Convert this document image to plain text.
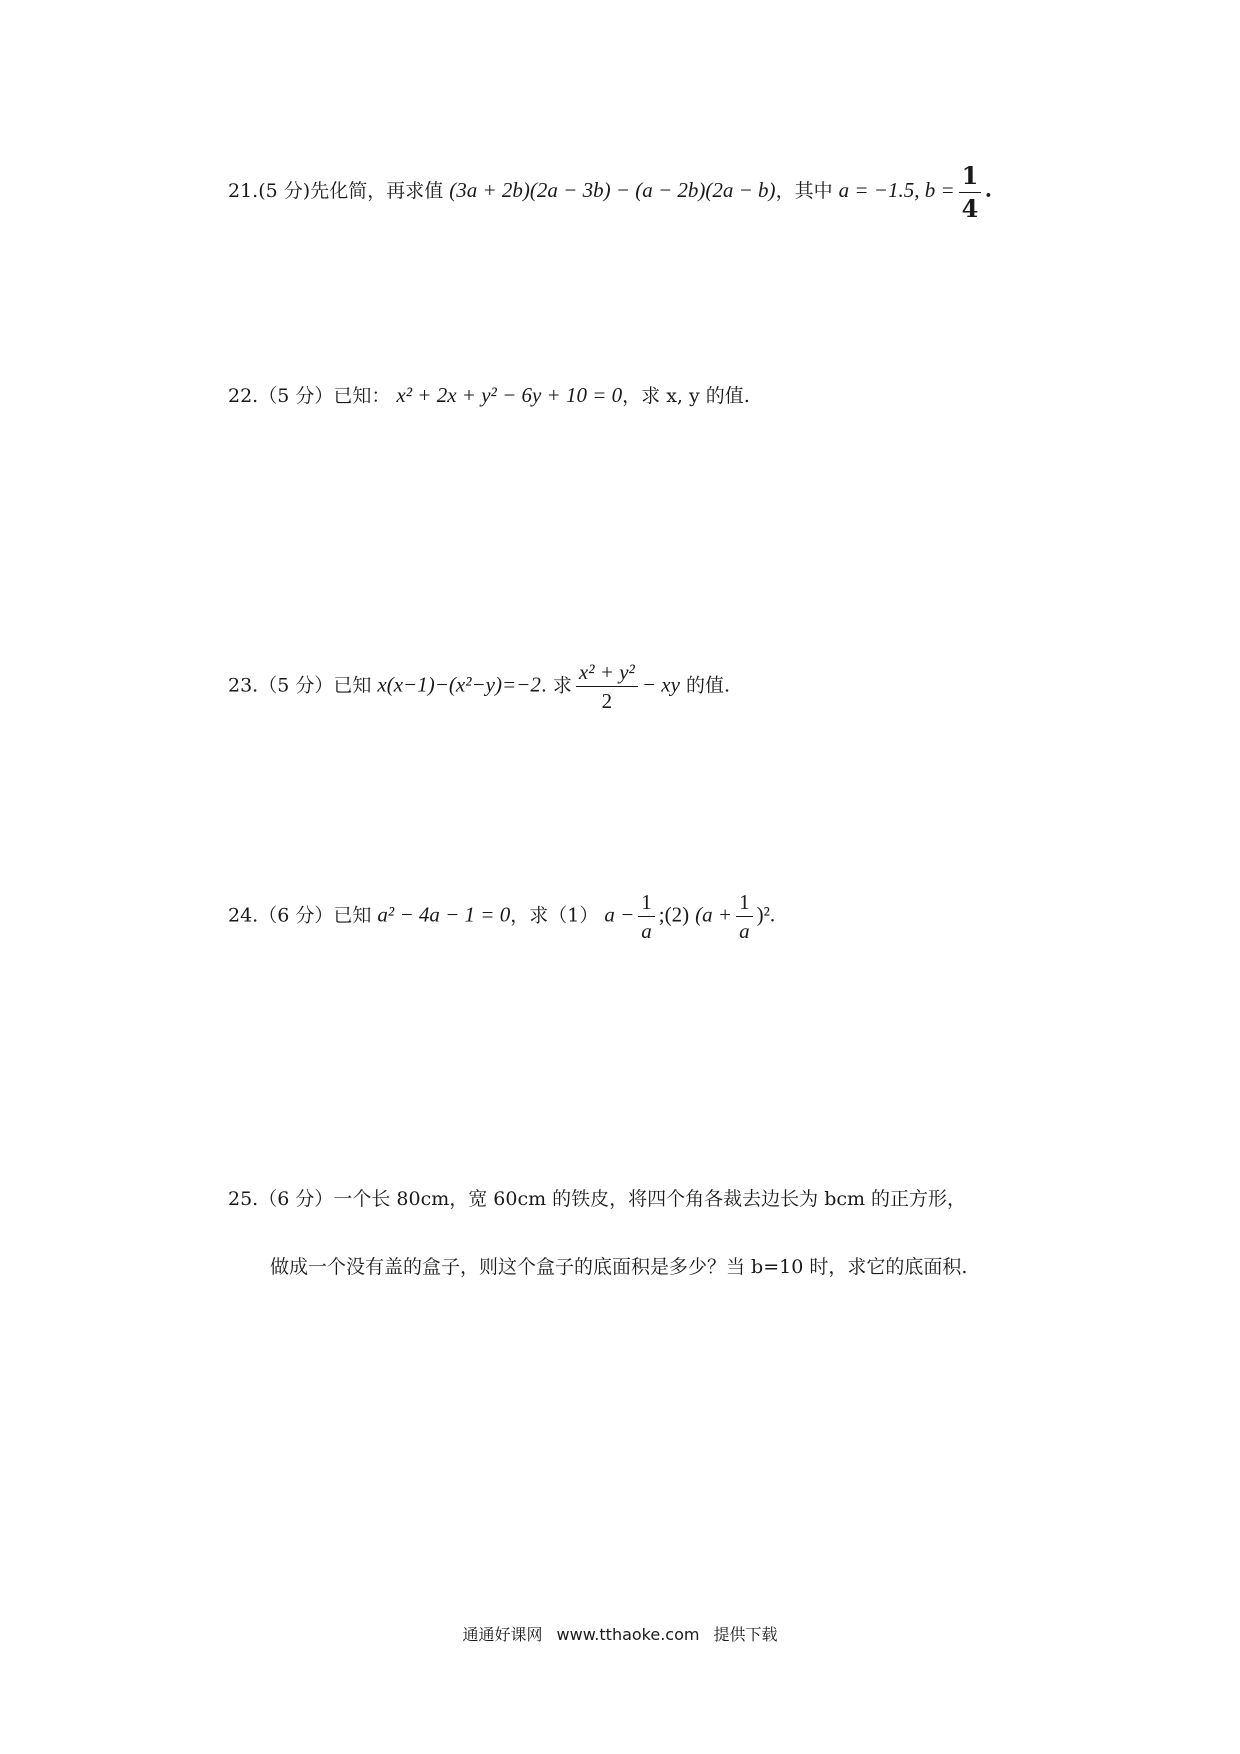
21.(5 分)先化简，再求值 (3a + 2b)(2a − 3b) − (a − 2b)(2a − b)，其中 a = −1.5, $b = \frac{1}{4}$ .
22.（5 分）已知： x² + 2x + y² − 6y + 10 = 0，求 x, y 的值.
23.（5 分）已知 x(x−1)−(x²−y)=−2. 求 $\frac{\text{x² + y²}}{2}$ − xy 的值.
24.（6 分）已知 a² − 4a − 1 = 0，求（1） $a - \frac{1}{a}$ ;(2) $(a + \frac{1}{a} )^2$.
25.（6 分）一个长 80cm，宽 60cm 的铁皮，将四个角各裁去边长为 bcm 的正方形，
做成一个没有盖的盒子，则这个盒子的底面积是多少？当 b=10 时，求它的底面积.
通通好课网 www.tthaoke.com 提供下载
